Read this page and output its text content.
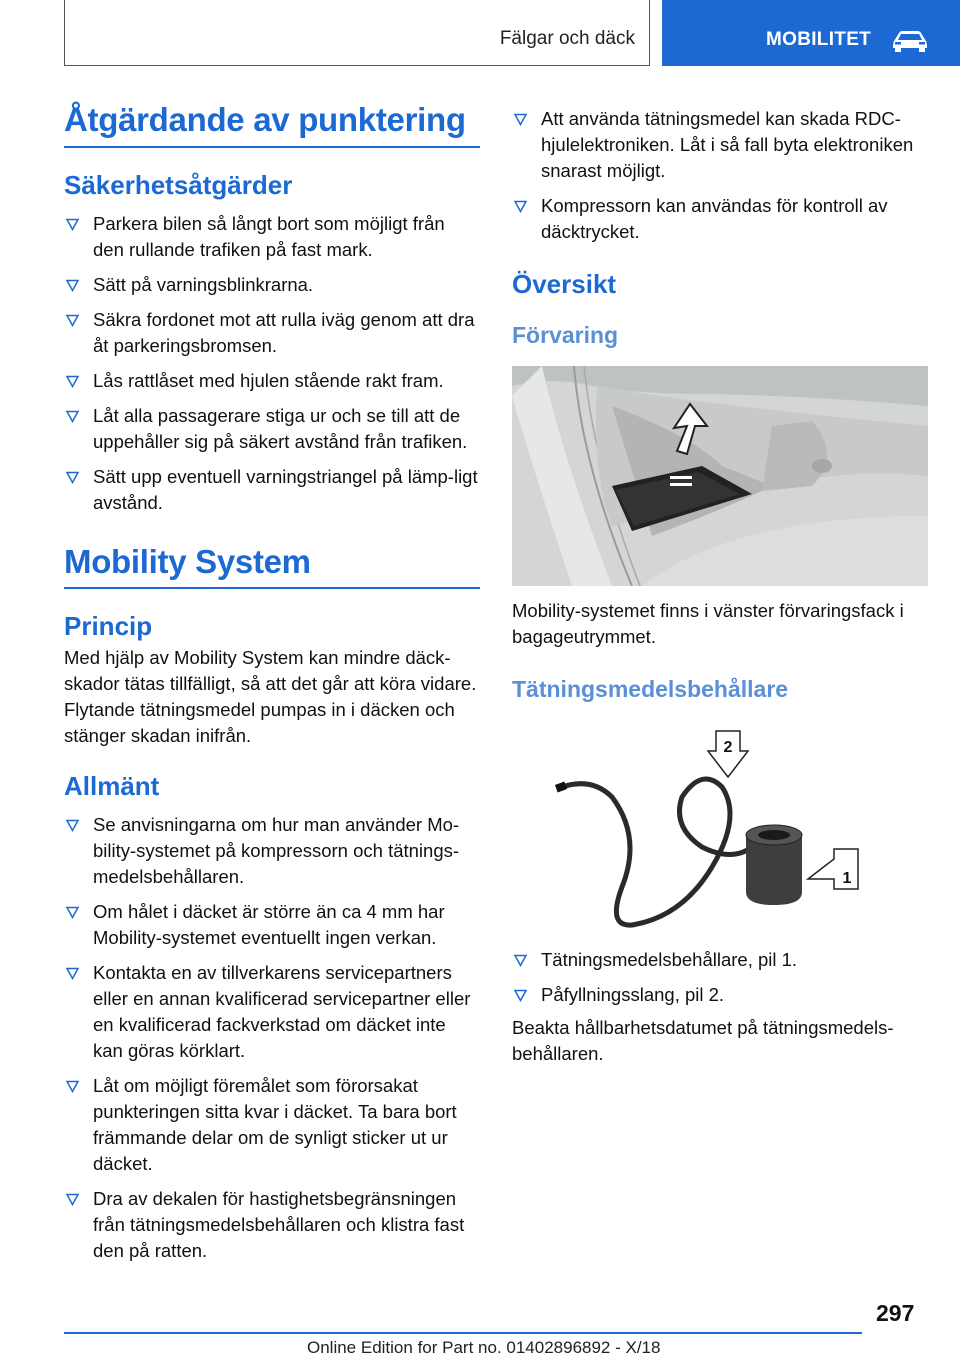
Fälgar och däck	MOBILITET
Åtgärdande av punktering
Säkerhetsåtgärder
Parkera bilen så långt bort som möjligt från den rullande trafiken på fast mark.
Sätt på varningsblinkrarna.
Säkra fordonet mot att rulla iväg genom att dra åt parkeringsbromsen.
Lås rattlåset med hjulen stående rakt fram.
Låt alla passagerare stiga ur och se till att de uppehåller sig på säkert avstånd från trafiken.
Sätt upp eventuell varningstriangel på lämp-ligt avstånd.
Mobility System
Princip

Med hjälp av Mobility System kan mindre däck-skador tätas tillfälligt, så att det går att köra vidare. Flytande tätningsmedel pumpas in i däcken och stänger skadan inifrån.

Allmänt
Se anvisningarna om hur man använder Mo-bility-systemet på kompressorn och tätnings-medelsbehållaren.
Om hålet i däcket är större än ca 4 mm har Mobility-systemet eventuellt ingen verkan.
Kontakta en av tillverkarens servicepartners eller en annan kvalificerad servicepartner eller en kvalificerad fackverkstad om däcket inte kan göras körklart.
Låt om möjligt föremålet som förorsakat punkteringen sitta kvar i däcket. Ta bara bort främmande delar om de synligt sticker ut ur däcket.
Dra av dekalen för hastighetsbegränsningen från tätningsmedelsbehållaren och klistra fast den på ratten.
Att använda tätningsmedel kan skada RDC-hjulelektroniken. Låt i så fall byta elektroniken snarast möjligt.
Kompressorn kan användas för kontroll av däcktrycket.
Översikt
Förvaring

Mobility-systemet finns i vänster förvaringsfack i bagageutrymmet.

Tätningsmedelsbehållare
2
1
Tätningsmedelsbehållare, pil 1.
Påfyllningsslang, pil 2.

Beakta hållbarhetsdatumet på tätningsmedels-behållaren.

297
Online Edition for Part no. 01402896892 - X/18
